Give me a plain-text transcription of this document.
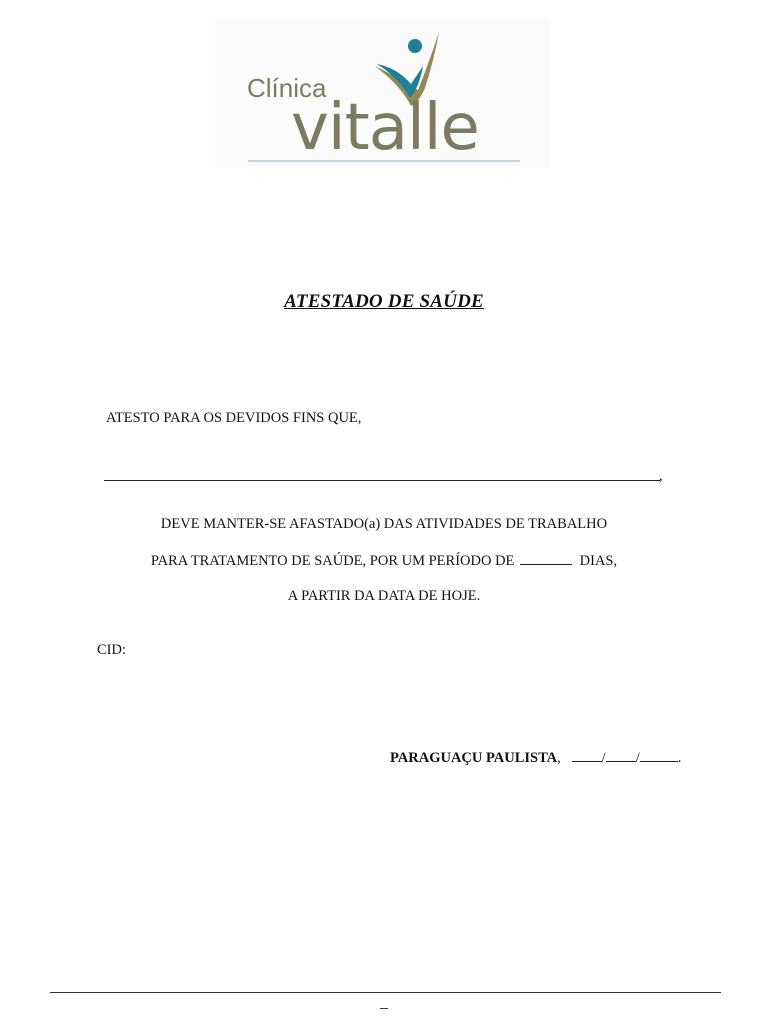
Clínica
vitalle
ATESTADO DE SAÚDE
ATESTO PARA OS DEVIDOS FINS QUE,
,
DEVE MANTER-SE AFASTADO(a) DAS ATIVIDADES DE TRABALHO
PARA TRATAMENTO DE SAÚDE, POR UM PERÍODO DE	DIAS,
A PARTIR DA DATA DE HOJE.
CID:
PARAGUAÇU PAULISTA,	/ /	.
